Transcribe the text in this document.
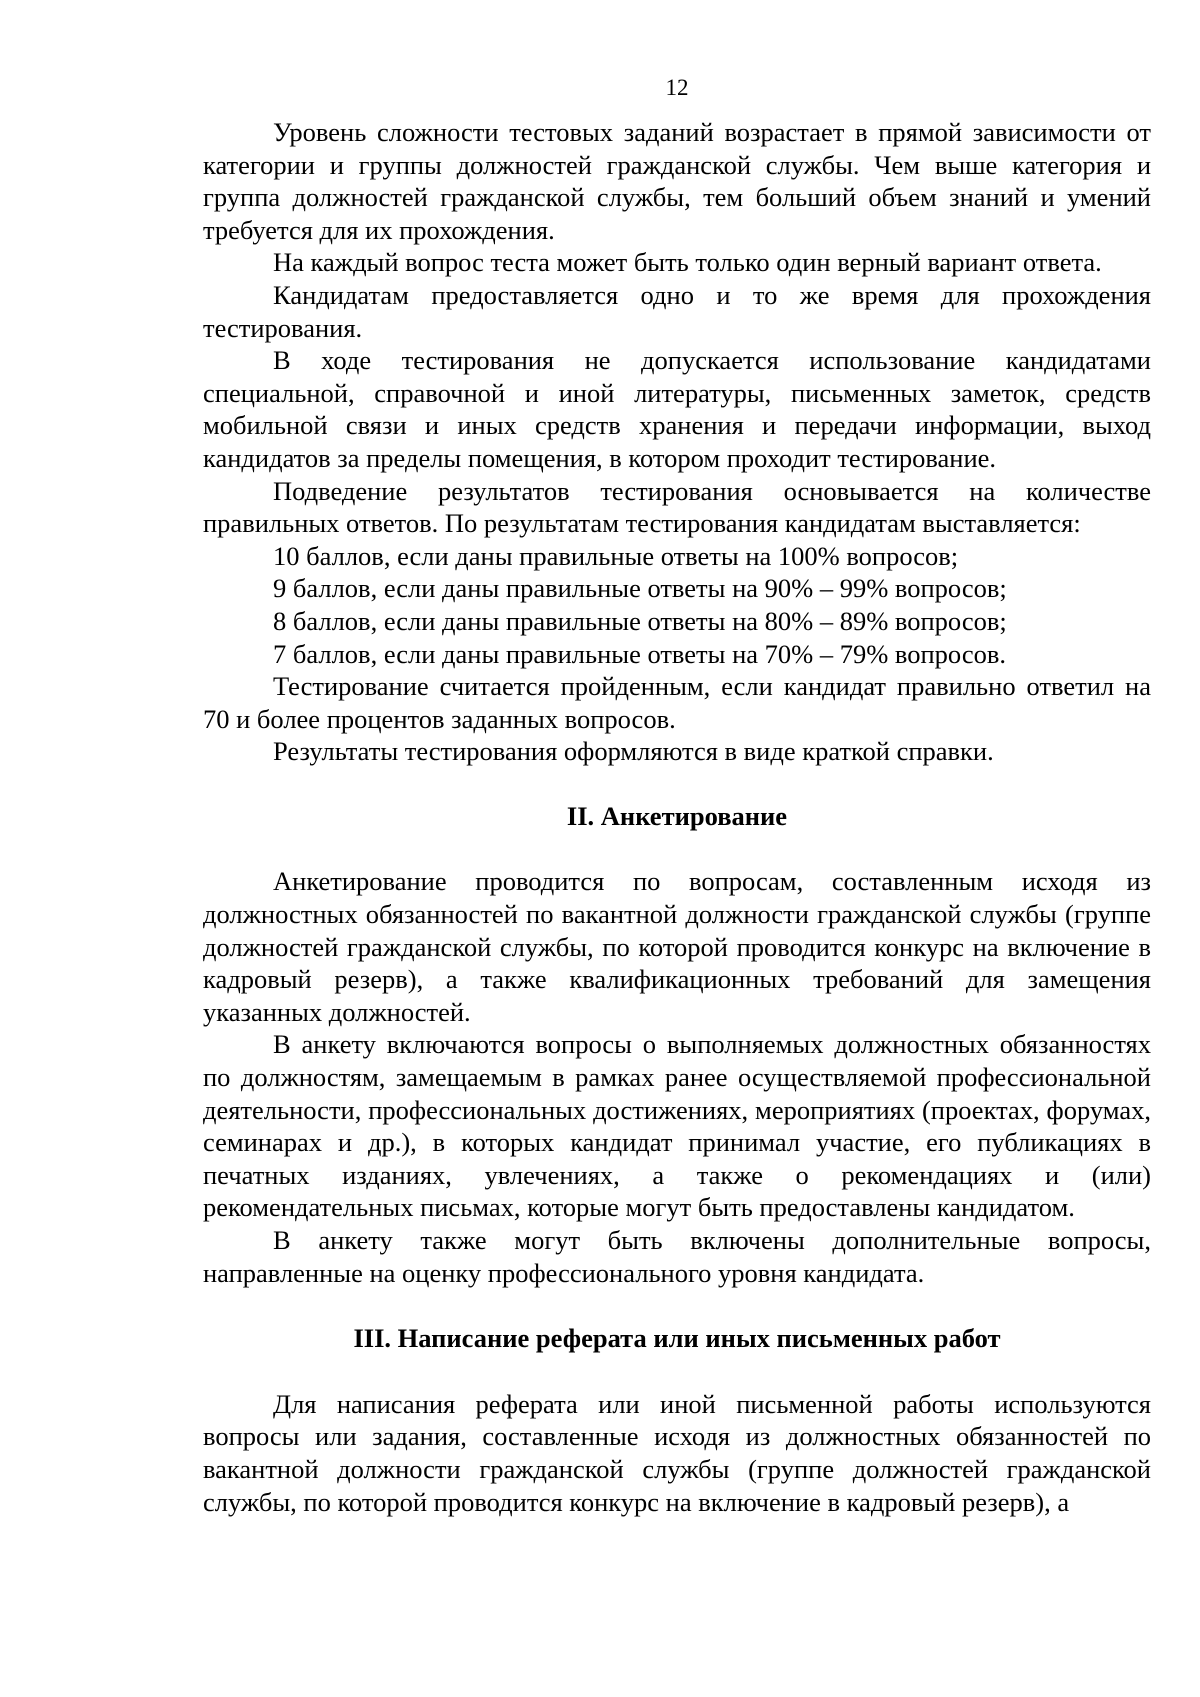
12

Уровень сложности тестовых заданий возрастает в прямой зависимости от категории и группы должностей гражданской службы. Чем выше категория и группа должностей гражданской службы, тем больший объем знаний и умений требуется для их прохождения.

На каждый вопрос теста может быть только один верный вариант ответа.

Кандидатам предоставляется одно и то же время для прохождения тестирования.

В ходе тестирования не допускается использование кандидатами специальной, справочной и иной литературы, письменных заметок, средств мобильной связи и иных средств хранения и передачи информации, выход кандидатов за пределы помещения, в котором проходит тестирование.

Подведение результатов тестирования основывается на количестве правильных ответов. По результатам тестирования кандидатам выставляется:

10 баллов, если даны правильные ответы на 100% вопросов;

9 баллов, если даны правильные ответы на 90% – 99% вопросов;

8 баллов, если даны правильные ответы на 80% – 89% вопросов;

7 баллов, если даны правильные ответы на 70% – 79% вопросов.

Тестирование считается пройденным, если кандидат правильно ответил на 70 и более процентов заданных вопросов.

Результаты тестирования оформляются в виде краткой справки.

II. Анкетирование

Анкетирование проводится по вопросам, составленным исходя из должностных обязанностей по вакантной должности гражданской службы (группе должностей гражданской службы, по которой проводится конкурс на включение в кадровый резерв), а также квалификационных требований для замещения указанных должностей.

В анкету включаются вопросы о выполняемых должностных обязанностях по должностям, замещаемым в рамках ранее осуществляемой профессиональной деятельности, профессиональных достижениях, мероприятиях (проектах, форумах, семинарах и др.), в которых кандидат принимал участие, его публикациях в печатных изданиях, увлечениях, а также о рекомендациях и (или) рекомендательных письмах, которые могут быть предоставлены кандидатом.

В анкету также могут быть включены дополнительные вопросы, направленные на оценку профессионального уровня кандидата.

III. Написание реферата или иных письменных работ

Для написания реферата или иной письменной работы используются вопросы или задания, составленные исходя из должностных обязанностей по вакантной должности гражданской службы (группе должностей гражданской службы, по которой проводится конкурс на включение в кадровый резерв), а
